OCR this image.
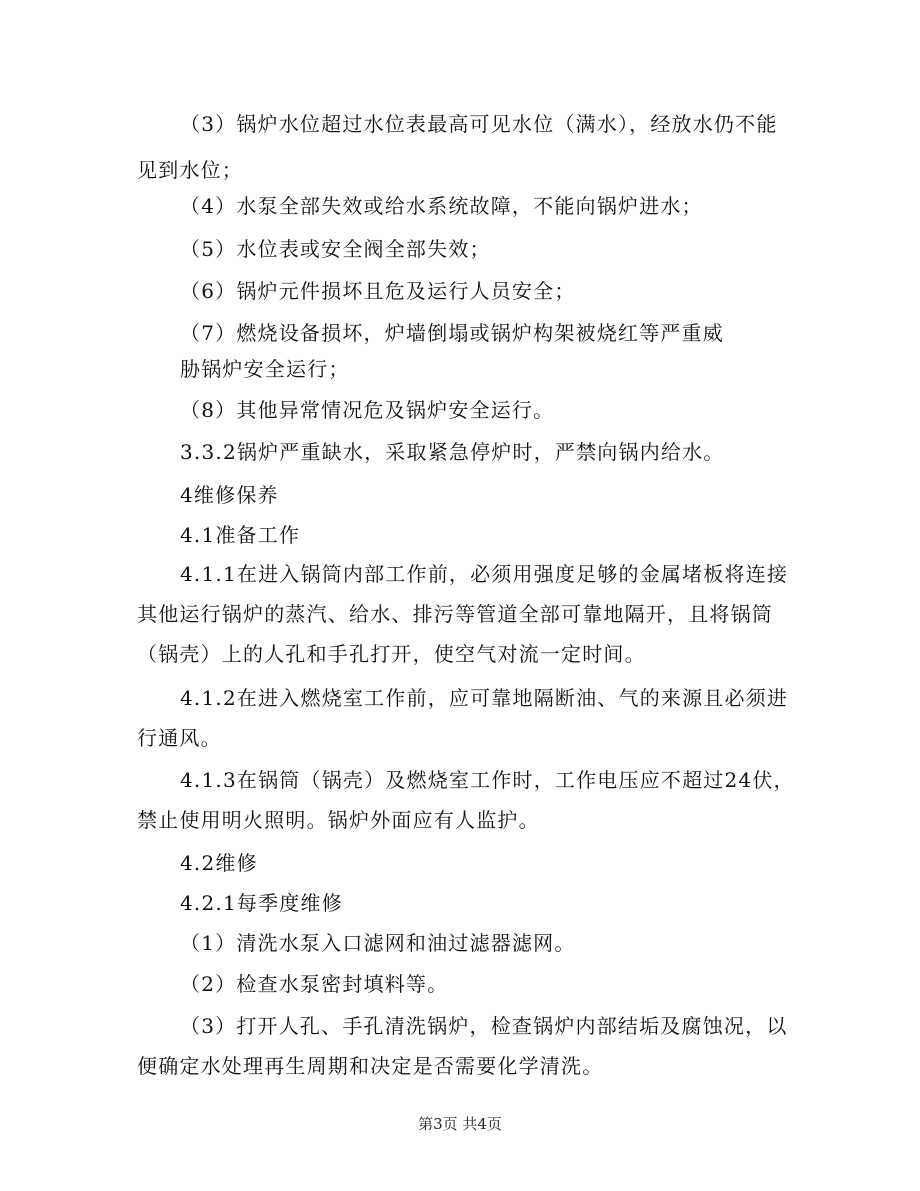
（3）锅炉水位超过水位表最高可见水位（满水），经放水仍不能
见到水位；
（4）水泵全部失效或给水系统故障，不能向锅炉进水；
（5）水位表或安全阀全部失效；
（6）锅炉元件损坏且危及运行人员安全；
（7）燃烧设备损坏，炉墙倒塌或锅炉构架被烧红等严重威
胁锅炉安全运行；
（8）其他异常情况危及锅炉安全运行。
3.3.2锅炉严重缺水，采取紧急停炉时，严禁向锅内给水。
4维修保养
4.1准备工作
4.1.1在进入锅筒内部工作前，必须用强度足够的金属堵板将连接
其他运行锅炉的蒸汽、给水、排污等管道全部可靠地隔开，且将锅筒
（锅壳）上的人孔和手孔打开，使空气对流一定时间。
4.1.2在进入燃烧室工作前，应可靠地隔断油、气的来源且必须进
行通风。
4.1.3在锅筒（锅壳）及燃烧室工作时，工作电压应不超过24伏，
禁止使用明火照明。锅炉外面应有人监护。
4.2维修
4.2.1每季度维修
（1）清洗水泵入口滤网和油过滤器滤网。
（2）检查水泵密封填料等。
（3）打开人孔、手孔清洗锅炉，检查锅炉内部结垢及腐蚀况，以
便确定水处理再生周期和决定是否需要化学清洗。
第3页 共4页
